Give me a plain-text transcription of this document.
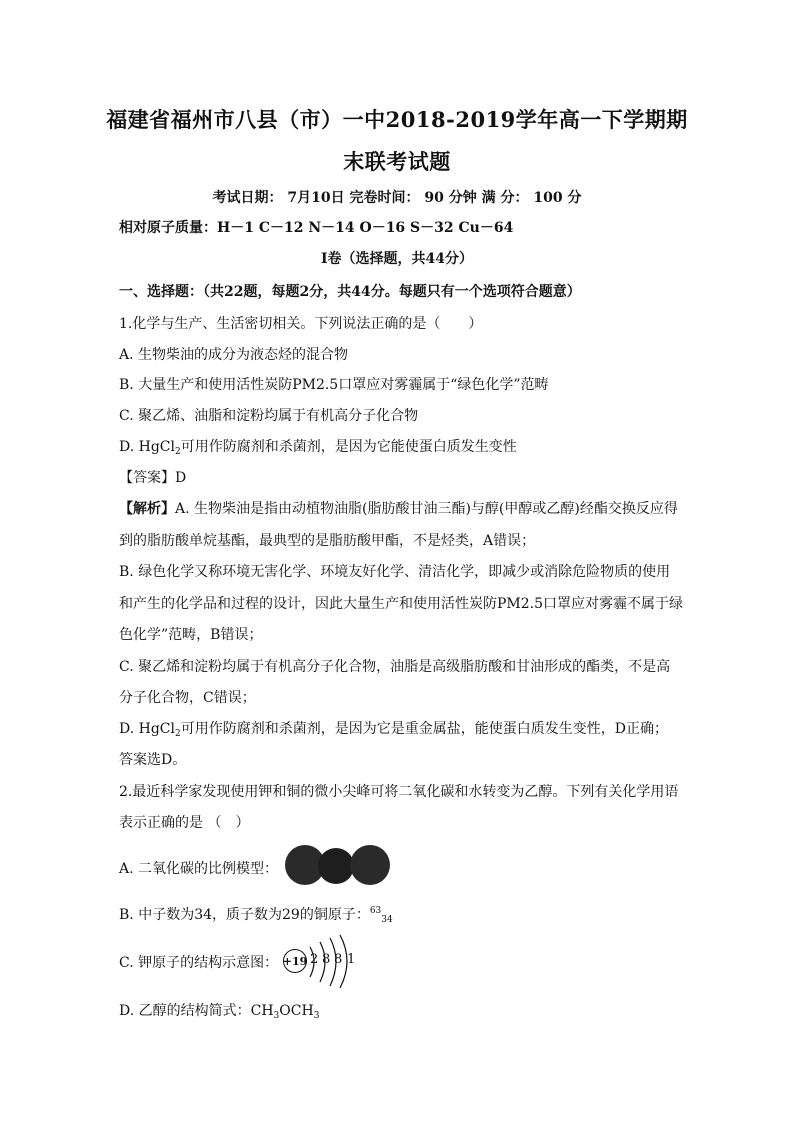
福建省福州市八县（市）一中2018-2019学年高一下学期期
末联考试题
考试日期： 7月10日 完卷时间： 90 分钟 满 分： 100 分
相对原子质量：H－1 C－12 N－14 O－16 S－32 Cu－64
Ⅰ卷（选择题，共44分）
一、选择题：（共22题，每题2分，共44分。每题只有一个选项符合题意）
1.化学与生产、生活密切相关。下列说法正确的是（　　）
A. 生物柴油的成分为液态烃的混合物
B. 大量生产和使用活性炭防PM2.5口罩应对雾霾属于“绿色化学”范畴
C. 聚乙烯、油脂和淀粉均属于有机高分子化合物
D. HgCl$_2$可用作防腐剂和杀菌剂，是因为它能使蛋白质发生变性
【答案】D
【解析】A. 生物柴油是指由动植物油脂(脂肪酸甘油三酯)与醇(甲醇或乙醇)经酯交换反应得
到的脂肪酸单烷基酯，最典型的是脂肪酸甲酯，不是烃类，A错误；
B. 绿色化学又称环境无害化学、环境友好化学、清洁化学，即减少或消除危险物质的使用
和产生的化学品和过程的设计，因此大量生产和使用活性炭防PM2.5口罩应对雾霾不属于绿
色化学”范畴，B错误；
C. 聚乙烯和淀粉均属于有机高分子化合物，油脂是高级脂肪酸和甘油形成的酯类，不是高
分子化合物，C错误；
D. HgCl$_2$可用作防腐剂和杀菌剂，是因为它是重金属盐，能使蛋白质发生变性，D正确；
答案选D。
2.最近科学家发现使用钾和铜的微小尖峰可将二氧化碳和水转变为乙醇。下列有关化学用语
表示正确的是 （　）
A. 二氧化碳的比例模型：
B. 中子数为34，质子数为29的铜原子：$^{63}_{34}$
C. 钾原子的结构示意图： +19 2 8 8 1
D. 乙醇的结构简式：$CH_3OCH_3$
